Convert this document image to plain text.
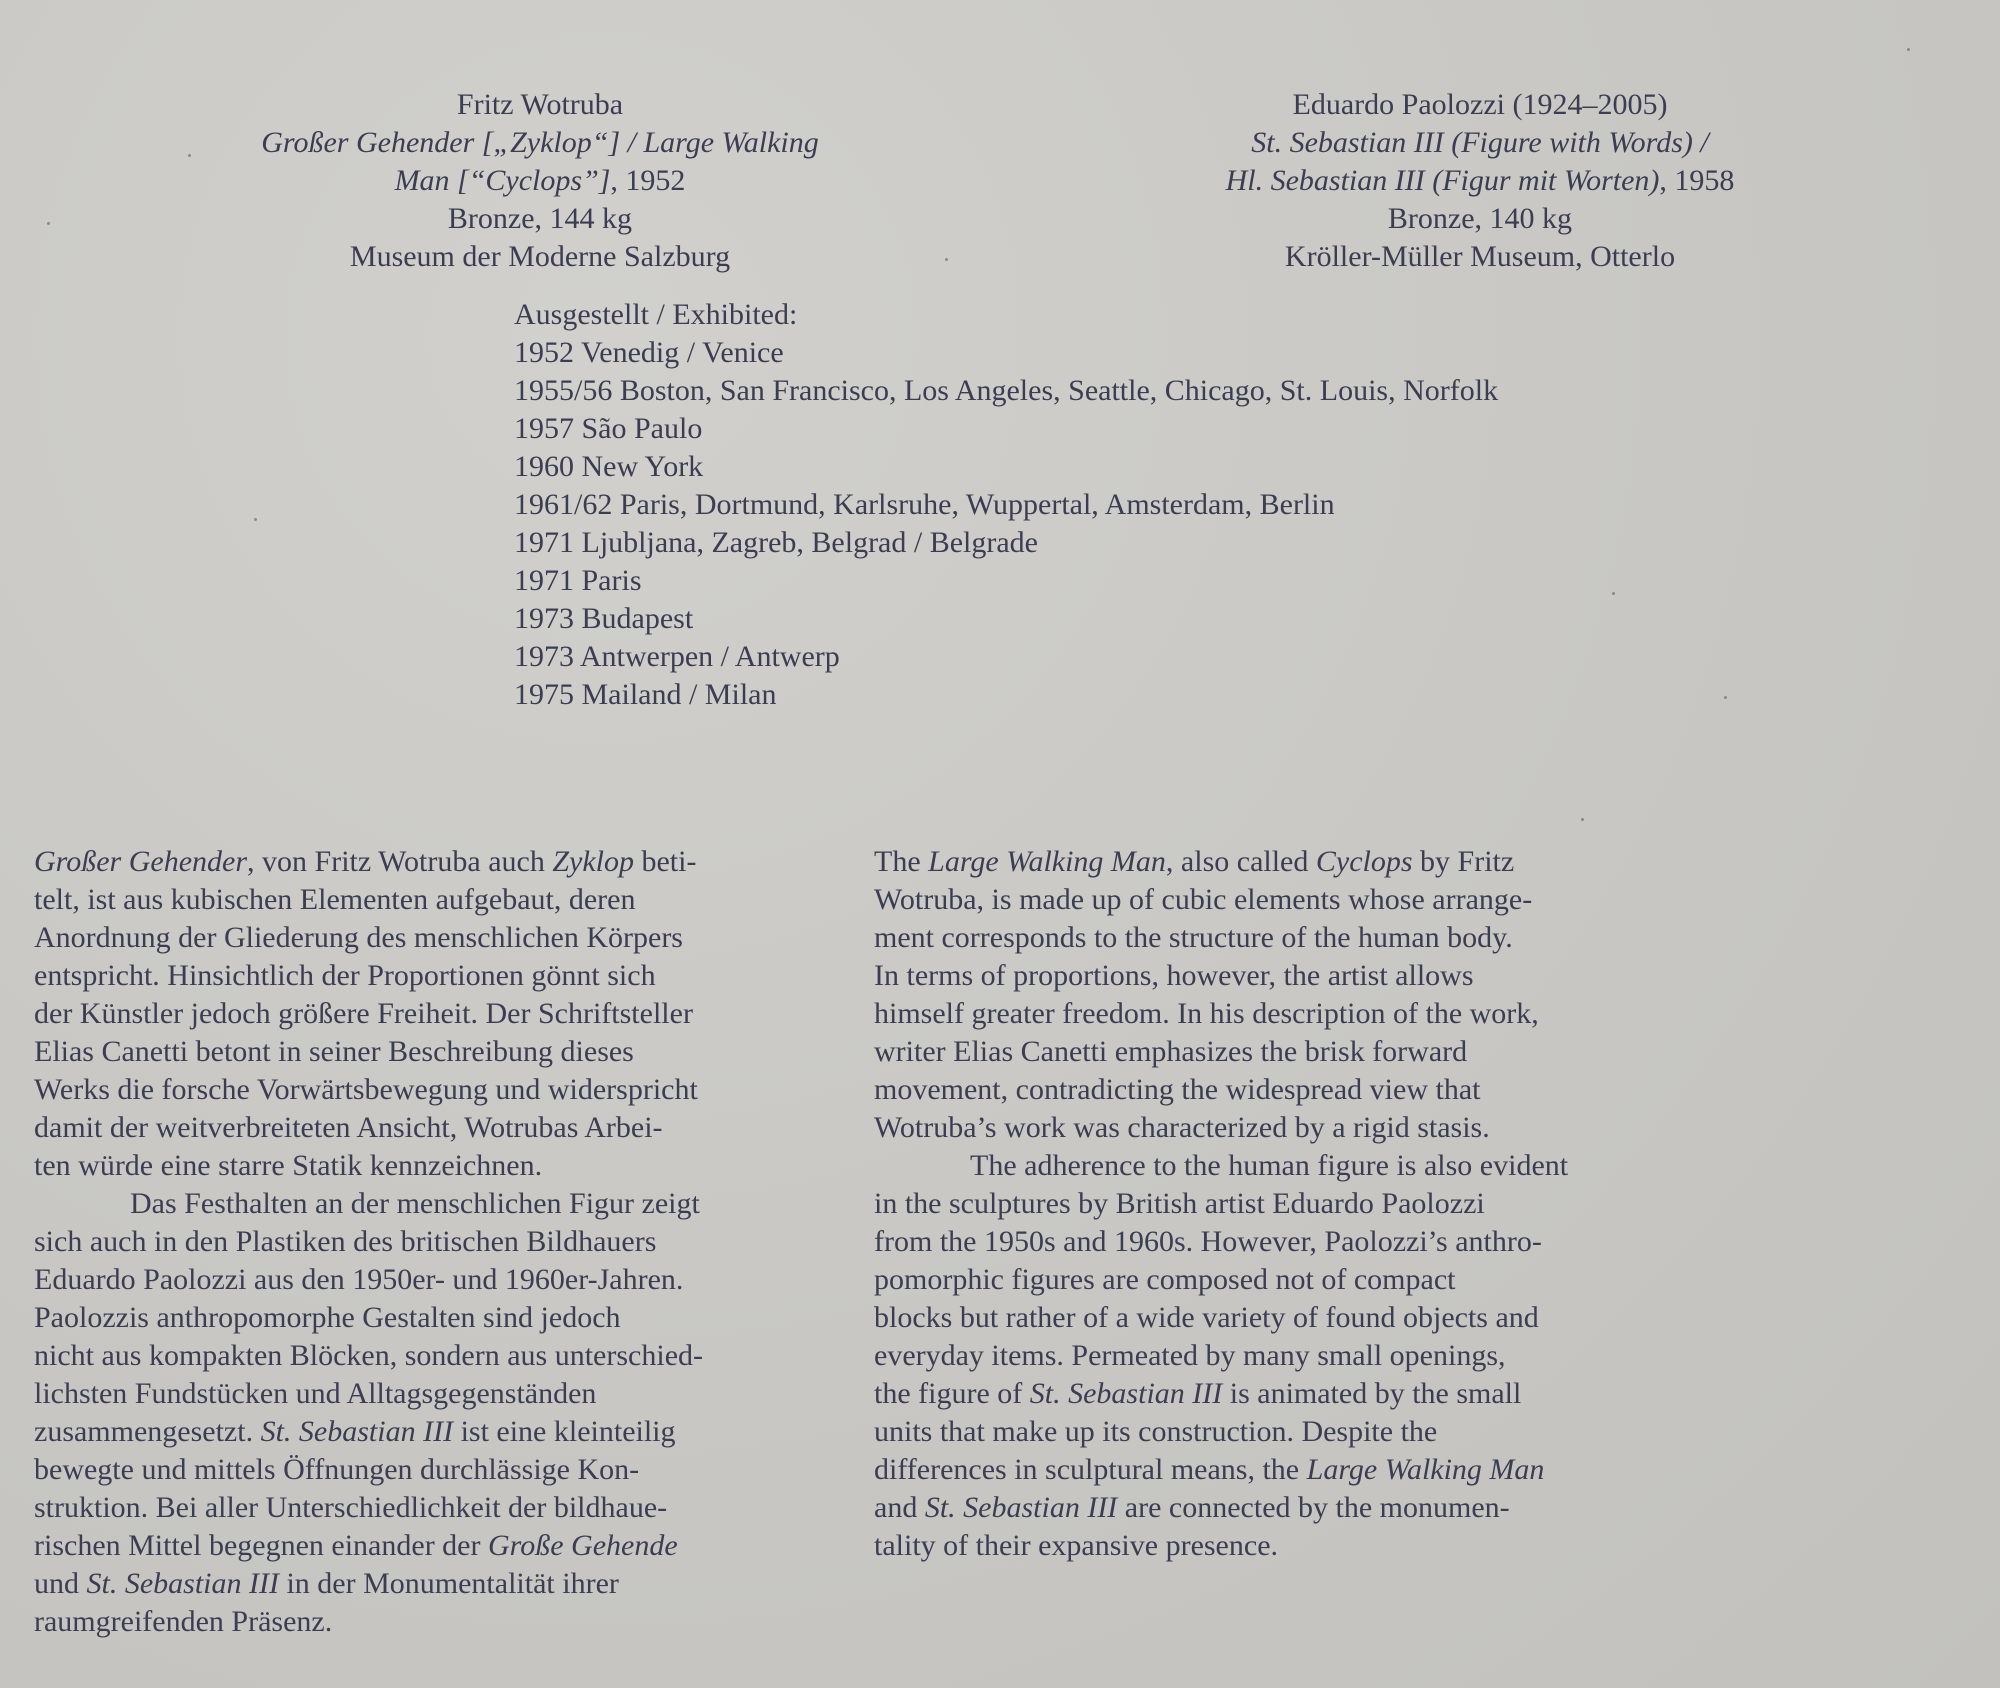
Fritz Wotruba
Großer Gehender [„Zyklop“] / Large Walking
Man [“Cyclops”], 1952
Bronze, 144 kg
Museum der Moderne Salzburg
Eduardo Paolozzi (1924–2005)
St. Sebastian III (Figure with Words) /
Hl. Sebastian III (Figur mit Worten), 1958
Bronze, 140 kg
Kröller-Müller Museum, Otterlo
Ausgestellt / Exhibited:
1952 Venedig / Venice
1955/56 Boston, San Francisco, Los Angeles, Seattle, Chicago, St. Louis, Norfolk
1957 São Paulo
1960 New York
1961/62 Paris, Dortmund, Karlsruhe, Wuppertal, Amsterdam, Berlin
1971 Ljubljana, Zagreb, Belgrad / Belgrade
1971 Paris
1973 Budapest
1973 Antwerpen / Antwerp
1975 Mailand / Milan
Großer Gehender, von Fritz Wotruba auch Zyklop beti-
telt, ist aus kubischen Elementen aufgebaut, deren
Anordnung der Gliederung des menschlichen Körpers
entspricht. Hinsichtlich der Proportionen gönnt sich
der Künstler jedoch größere Freiheit. Der Schriftsteller
Elias Canetti betont in seiner Beschreibung dieses
Werks die forsche Vorwärtsbewegung und widerspricht
damit der weitverbreiteten Ansicht, Wotrubas Arbei-
ten würde eine starre Statik kennzeichnen.
Das Festhalten an der menschlichen Figur zeigt
sich auch in den Plastiken des britischen Bildhauers
Eduardo Paolozzi aus den 1950er- und 1960er-Jahren.
Paolozzis anthropomorphe Gestalten sind jedoch
nicht aus kompakten Blöcken, sondern aus unterschied-
lichsten Fundstücken und Alltagsgegenständen
zusammengesetzt. St. Sebastian III ist eine kleinteilig
bewegte und mittels Öffnungen durchlässige Kon-
struktion. Bei aller Unterschiedlichkeit der bildhaue-
rischen Mittel begegnen einander der Große Gehende
und St. Sebastian III in der Monumentalität ihrer
raumgreifenden Präsenz.
The Large Walking Man, also called Cyclops by Fritz
Wotruba, is made up of cubic elements whose arrange-
ment corresponds to the structure of the human body.
In terms of proportions, however, the artist allows
himself greater freedom. In his description of the work,
writer Elias Canetti emphasizes the brisk forward
movement, contradicting the widespread view that
Wotruba’s work was characterized by a rigid stasis.
The adherence to the human figure is also evident
in the sculptures by British artist Eduardo Paolozzi
from the 1950s and 1960s. However, Paolozzi’s anthro-
pomorphic figures are composed not of compact
blocks but rather of a wide variety of found objects and
everyday items. Permeated by many small openings,
the figure of St. Sebastian III is animated by the small
units that make up its construction. Despite the
differences in sculptural means, the Large Walking Man
and St. Sebastian III are connected by the monumen-
tality of their expansive presence.
